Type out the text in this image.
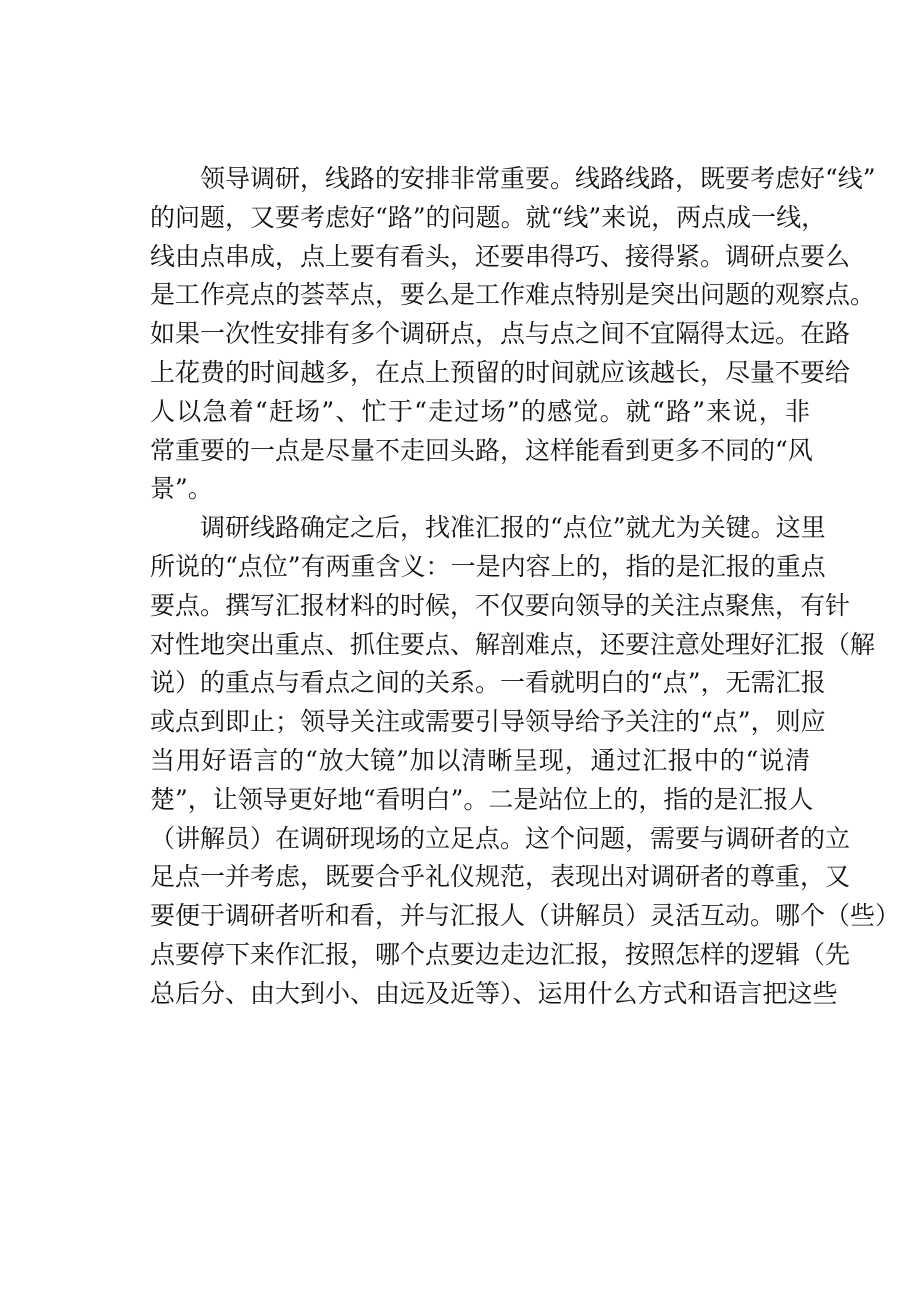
领导调研，线路的安排非常重要。线路线路，既要考虑好“线”
的问题，又要考虑好“路”的问题。就“线”来说，两点成一线，
线由点串成，点上要有看头，还要串得巧、接得紧。调研点要么
是工作亮点的荟萃点，要么是工作难点特别是突出问题的观察点。
如果一次性安排有多个调研点，点与点之间不宜隔得太远。在路
上花费的时间越多，在点上预留的时间就应该越长，尽量不要给
人以急着“赶场”、忙于“走过场”的感觉。就“路”来说，非
常重要的一点是尽量不走回头路，这样能看到更多不同的“风
景”。
调研线路确定之后，找准汇报的“点位”就尤为关键。这里
所说的“点位”有两重含义：一是内容上的，指的是汇报的重点
要点。撰写汇报材料的时候，不仅要向领导的关注点聚焦，有针
对性地突出重点、抓住要点、解剖难点，还要注意处理好汇报（解
说）的重点与看点之间的关系。一看就明白的“点”，无需汇报
或点到即止；领导关注或需要引导领导给予关注的“点”，则应
当用好语言的“放大镜”加以清晰呈现，通过汇报中的“说清
楚”，让领导更好地“看明白”。二是站位上的，指的是汇报人
（讲解员）在调研现场的立足点。这个问题，需要与调研者的立
足点一并考虑，既要合乎礼仪规范，表现出对调研者的尊重，又
要便于调研者听和看，并与汇报人（讲解员）灵活互动。哪个（些）
点要停下来作汇报，哪个点要边走边汇报，按照怎样的逻辑（先
总后分、由大到小、由远及近等）、运用什么方式和语言把这些
